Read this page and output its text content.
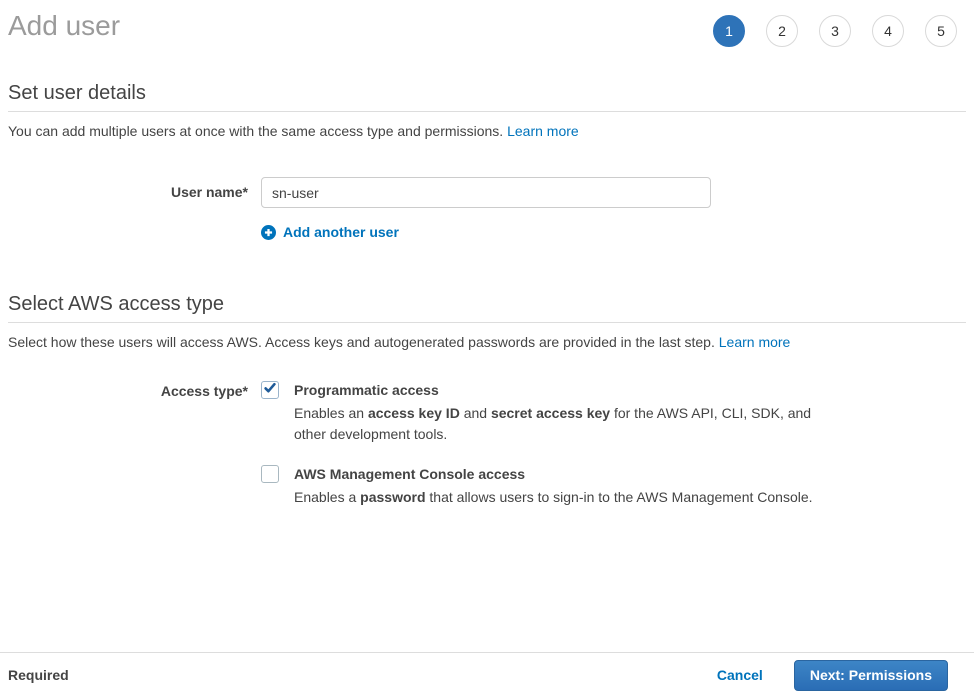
Add user	1	2	3	4	5
Set user details

You can add multiple users at once with the same access type and permissions. Learn more

User name*
sn-user
Add another user
Select AWS access type

Select how these users will access AWS. Access keys and autogenerated passwords are provided in the last step. Learn more

Access type*	Programmatic access
Enables an access key ID and secret access key for the AWS API, CLI, SDK, and other development tools.
AWS Management Console access
Enables a password that allows users to sign-in to the AWS Management Console.
Required	Cancel	Next: Permissions
